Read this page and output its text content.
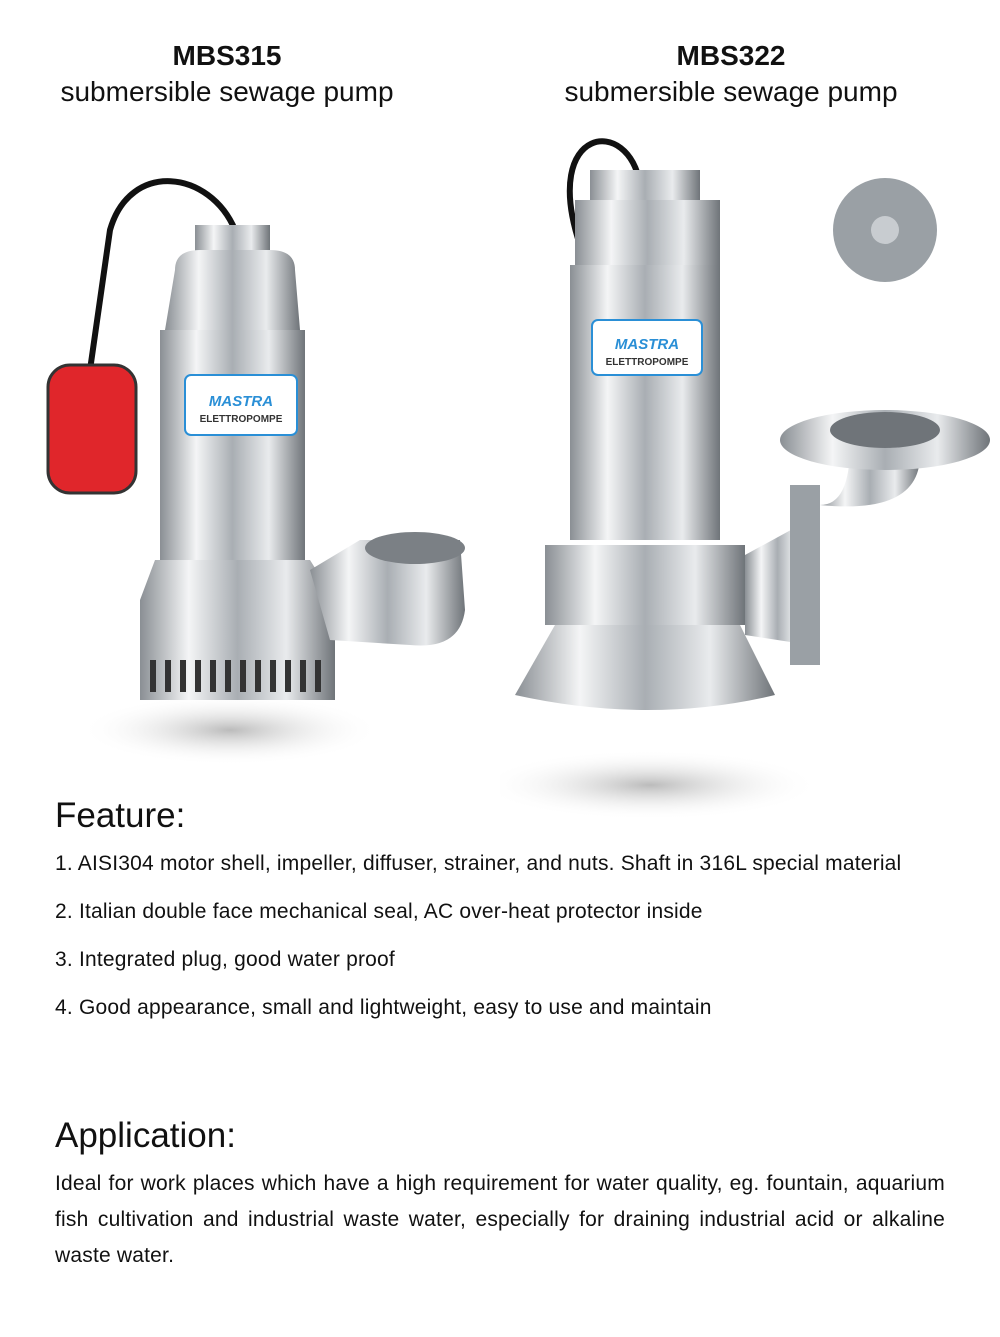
MBS315
submersible sewage pump
MBS322
submersible sewage pump
MASTRA
ELETTROPOMPE
MASTRA
ELETTROPOMPE
Feature:
1. AISI304 motor shell, impeller, diffuser, strainer, and nuts. Shaft in 316L special material
2. Italian double face mechanical seal, AC over-heat protector inside
3. Integrated plug, good water proof
4. Good appearance, small and lightweight, easy to use and maintain
Application:

Ideal for work places which have a high requirement for water quality, eg. fountain, aquarium fish cultivation and industrial waste water, especially for draining industrial acid or alkaline waste water.
